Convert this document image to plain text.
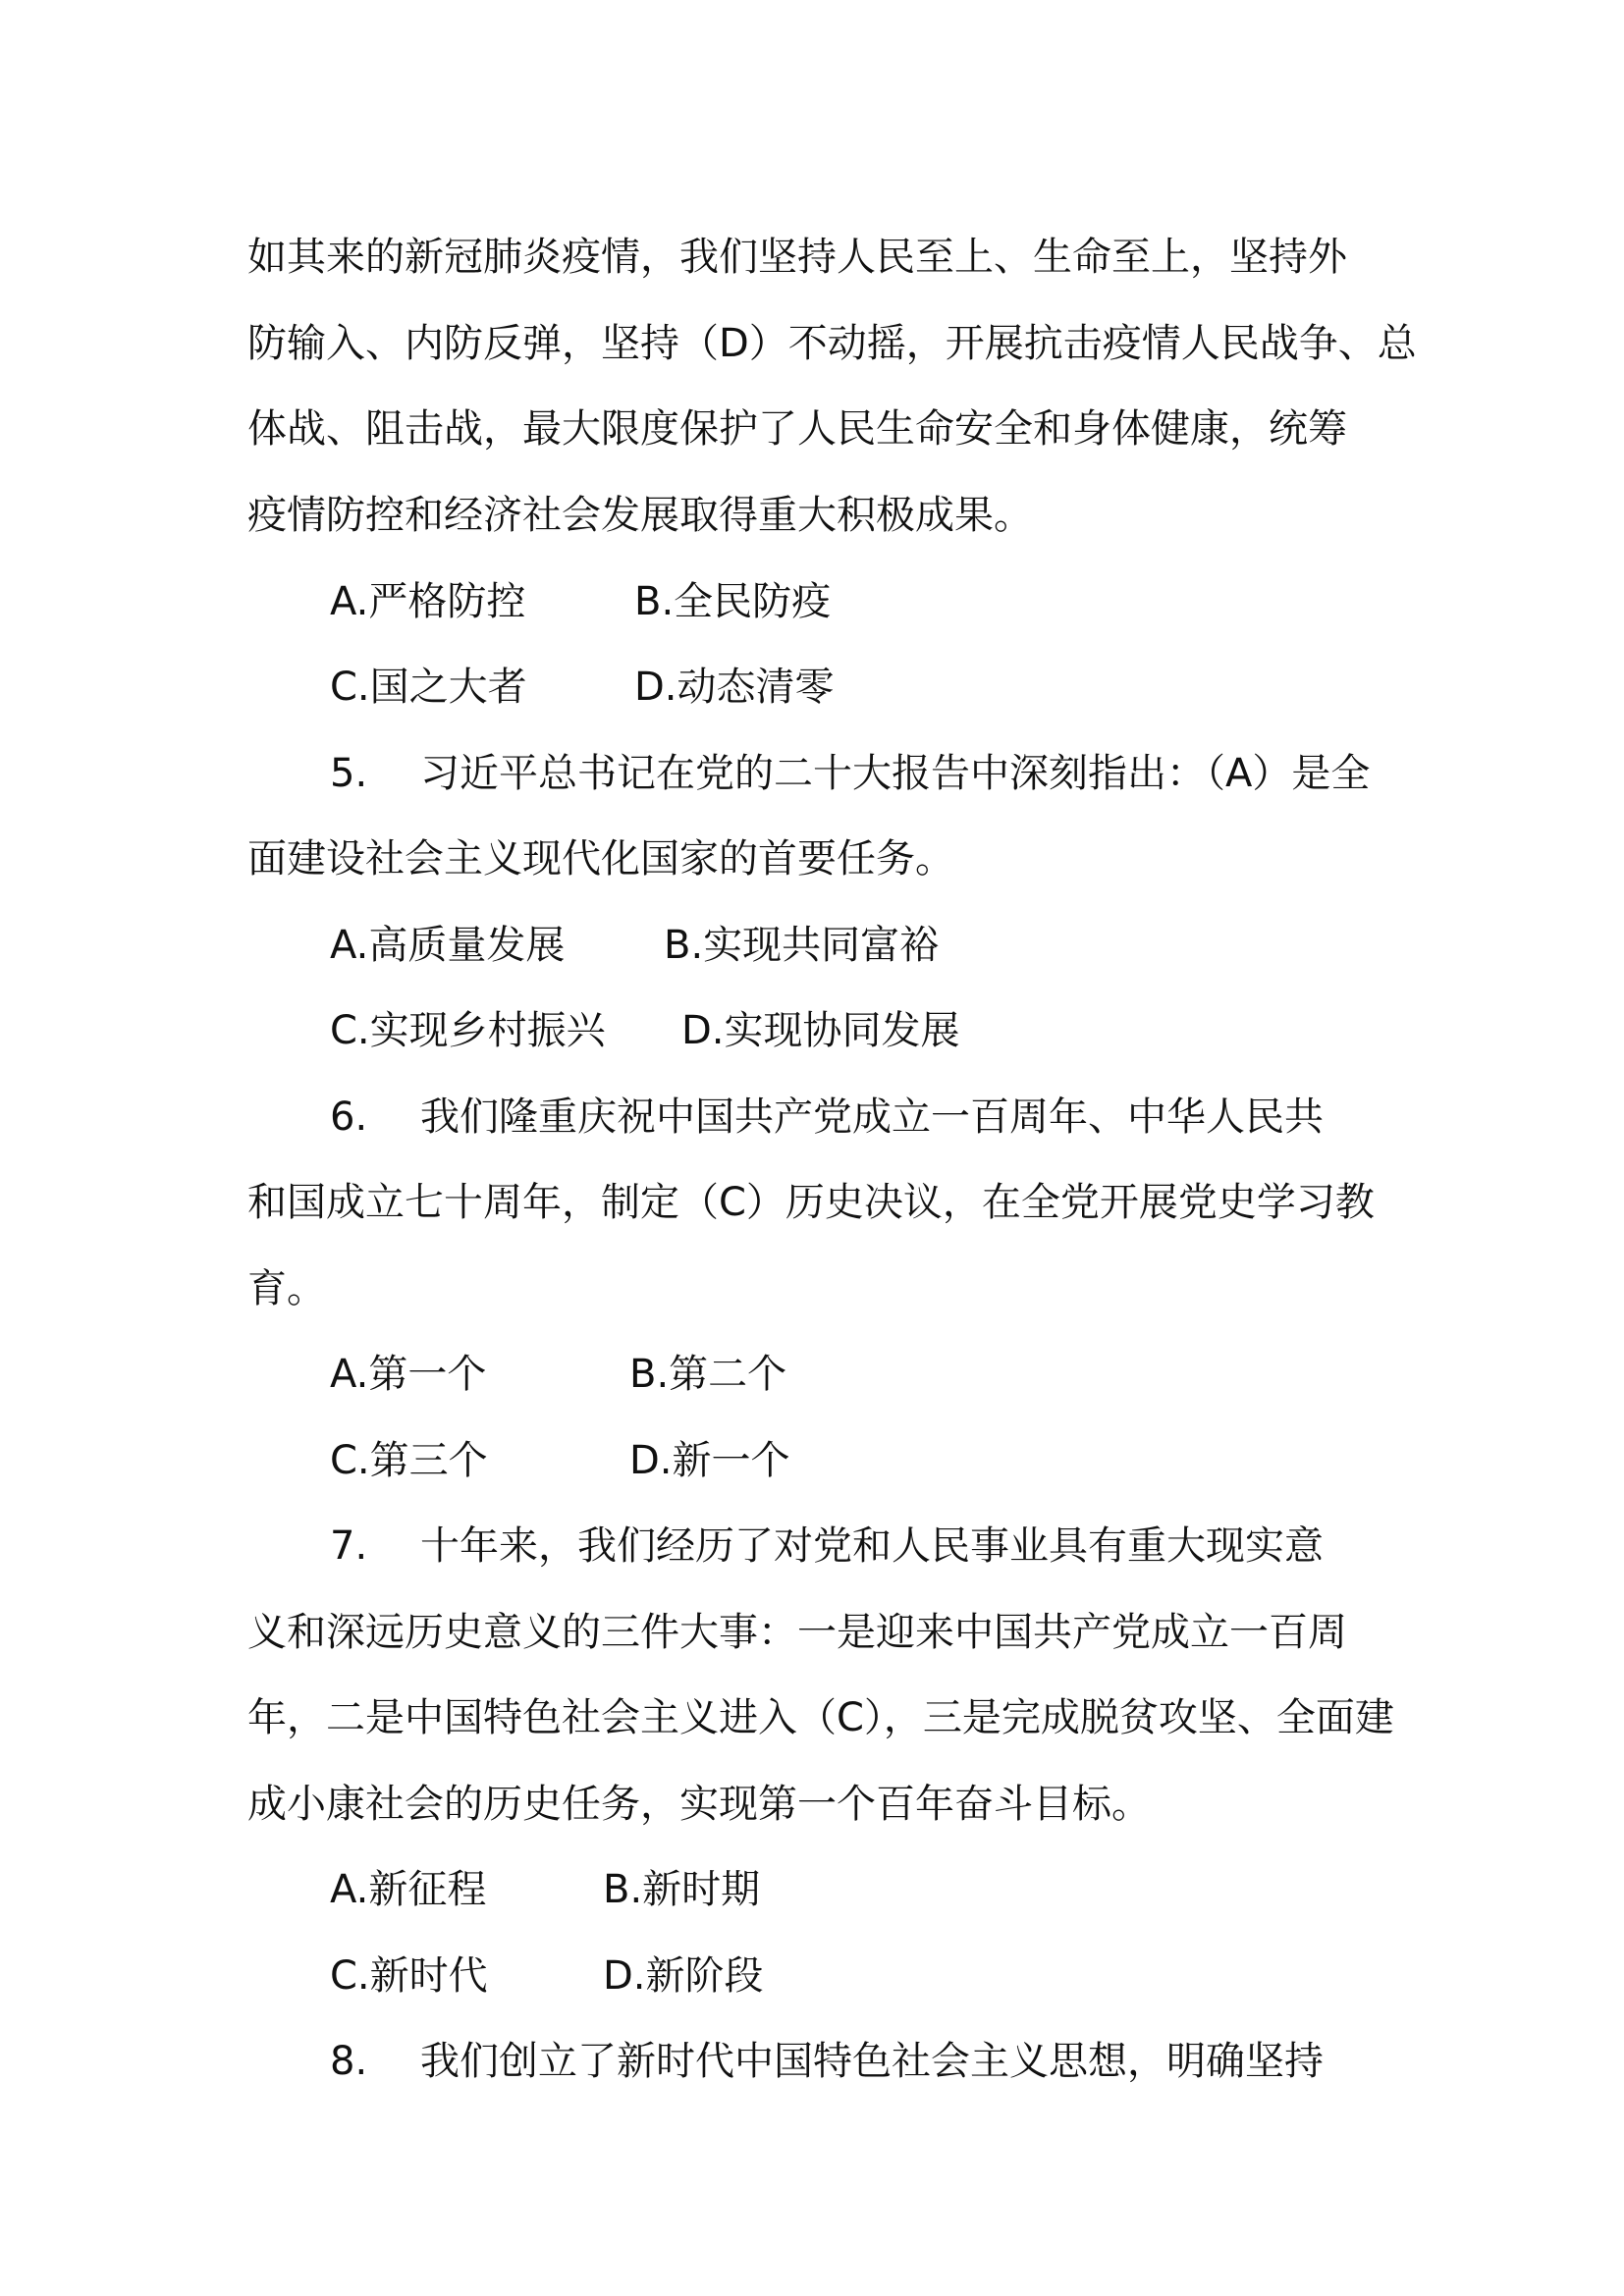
如其来的新冠肺炎疫情，我们坚持人民至上、生命至上，坚持外
防输入、内防反弹，坚持（D）不动摇，开展抗击疫情人民战争、总
体战、阻击战，最大限度保护了人民生命安全和身体健康，统筹
疫情防控和经济社会发展取得重大积极成果。
A.严格防控	B.全民防疫
C.国之大者	D.动态清零
5. 习近平总书记在党的二十大报告中深刻指出：（A）是全
面建设社会主义现代化国家的首要任务。
A.高质量发展	B.实现共同富裕
C.实现乡村振兴 D.实现协同发展
6. 我们隆重庆祝中国共产党成立一百周年、中华人民共
和国成立七十周年，制定（C）历史决议，在全党开展党史学习教
育。
A.第一个	B.第二个
C.第三个	D.新一个
7. 十年来，我们经历了对党和人民事业具有重大现实意
义和深远历史意义的三件大事：一是迎来中国共产党成立一百周
年，二是中国特色社会主义进入（C），三是完成脱贫攻坚、全面建
成小康社会的历史任务，实现第一个百年奋斗目标。
A.新征程	B.新时期
C.新时代	D.新阶段
8. 我们创立了新时代中国特色社会主义思想，明确坚持
